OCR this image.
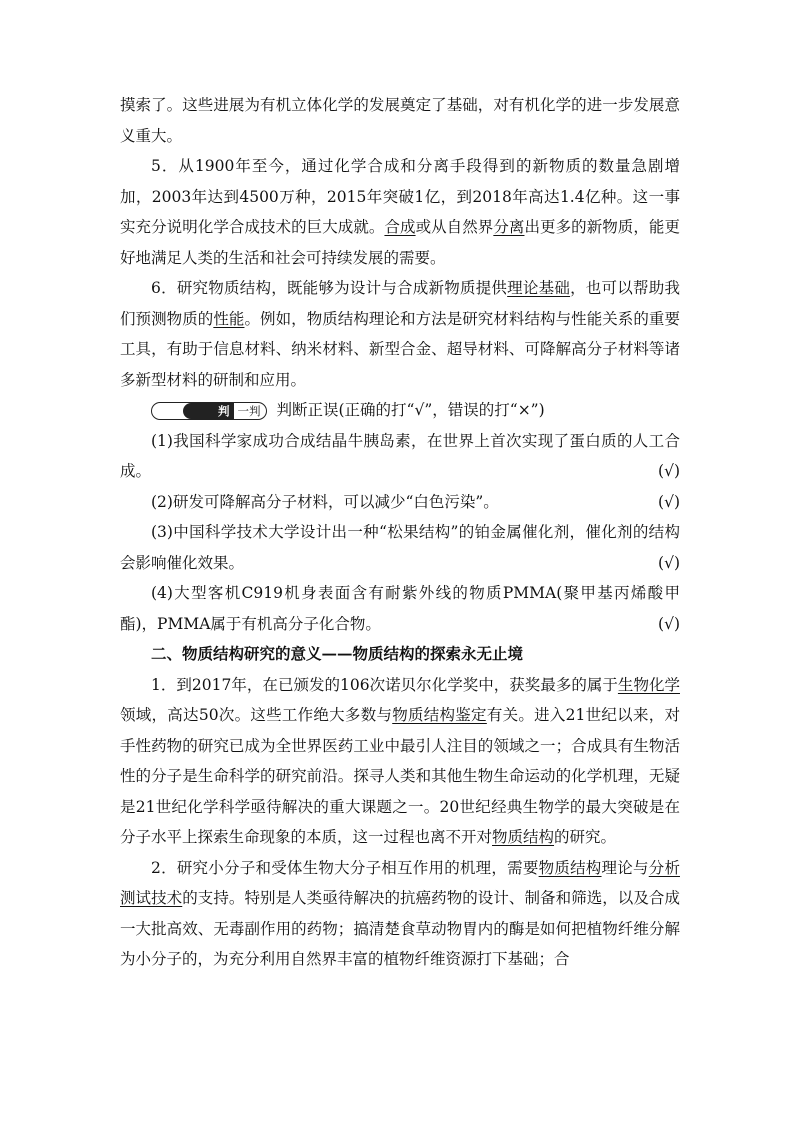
摸索了。这些进展为有机立体化学的发展奠定了基础，对有机化学的进一步发展意义重大。

5．从1900年至今，通过化学合成和分离手段得到的新物质的数量急剧增加，2003年达到4500万种，2015年突破1亿，到2018年高达1.4亿种。这一事实充分说明化学合成技术的巨大成就。合成或从自然界分离出更多的新物质，能更好地满足人类的生活和社会可持续发展的需要。

6．研究物质结构，既能够为设计与合成新物质提供理论基础，也可以帮助我们预测物质的性能。例如，物质结构理论和方法是研究材料结构与性能关系的重要工具，有助于信息材料、纳米材料、新型合金、超导材料、可降解高分子材料等诸多新型材料的研制和应用。

判 一判 判断正误(正确的打“√”，错误的打“×”)

(1)我国科学家成功合成结晶牛胰岛素，在世界上首次实现了蛋白质的人工合成。	(√)

(2)研发可降解高分子材料，可以减少“白色污染”。	(√)

(3)中国科学技术大学设计出一种“松果结构”的铂金属催化剂，催化剂的结构会影响催化效果。	(√)

(4)大型客机C919机身表面含有耐紫外线的物质PMMA(聚甲基丙烯酸甲酯)，PMMA属于有机高分子化合物。	(√)

二、物质结构研究的意义——物质结构的探索永无止境

1．到2017年，在已颁发的106次诺贝尔化学奖中，获奖最多的属于生物化学领域，高达50次。这些工作绝大多数与物质结构鉴定有关。进入21世纪以来，对手性药物的研究已成为全世界医药工业中最引人注目的领域之一；合成具有生物活性的分子是生命科学的研究前沿。探寻人类和其他生物生命运动的化学机理，无疑是21世纪化学科学亟待解决的重大课题之一。20世纪经典生物学的最大突破是在分子水平上探索生命现象的本质，这一过程也离不开对物质结构的研究。

2．研究小分子和受体生物大分子相互作用的机理，需要物质结构理论与分析测试技术的支持。特别是人类亟待解决的抗癌药物的设计、制备和筛选，以及合成一大批高效、无毒副作用的药物；搞清楚食草动物胃内的酶是如何把植物纤维分解为小分子的，为充分利用自然界丰富的植物纤维资源打下基础；合
